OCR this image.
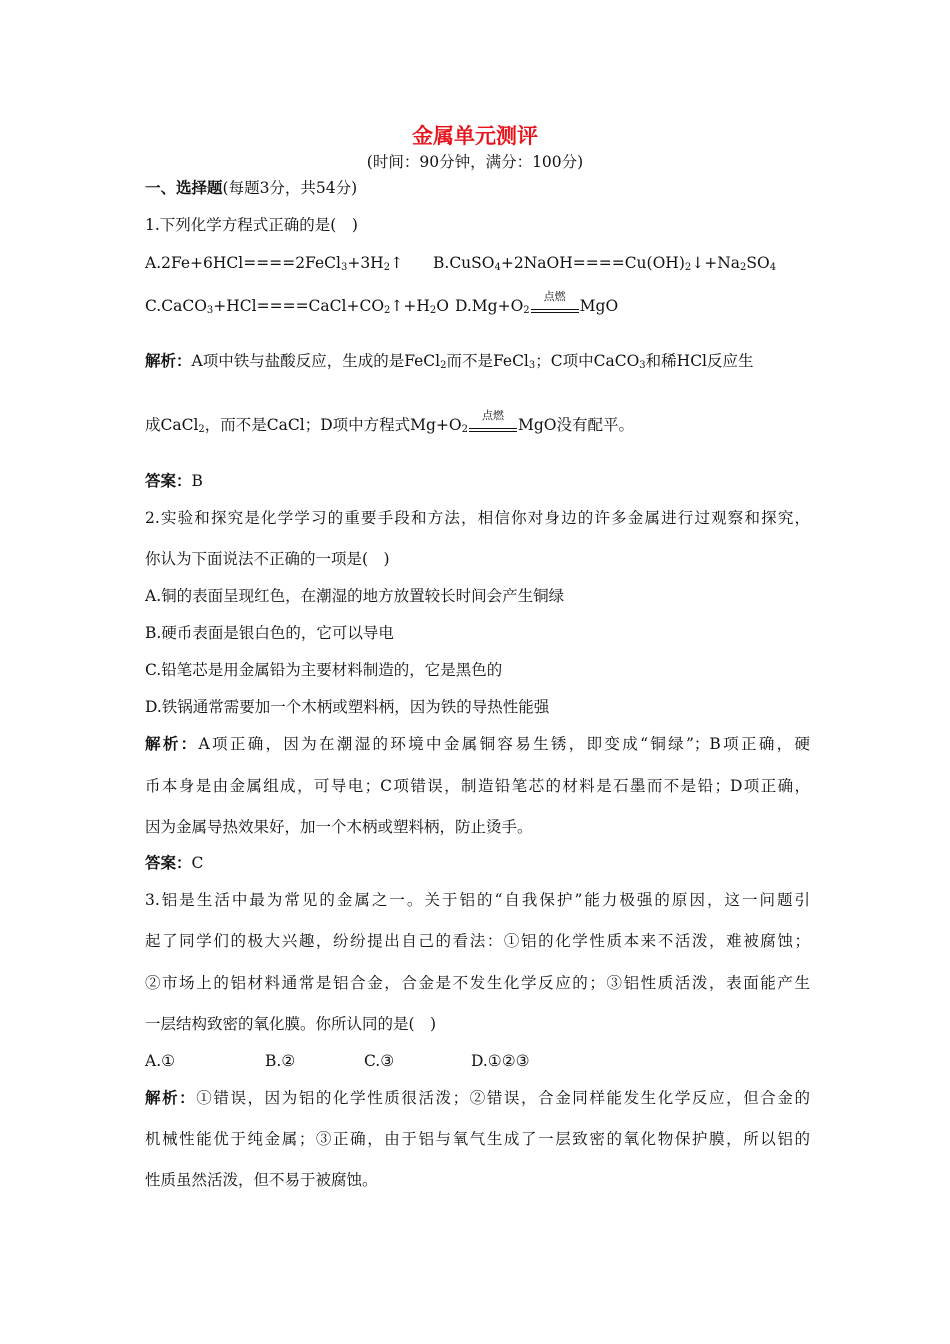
金属单元测评
(时间：90分钟，满分：100分)
一、选择题(每题3分，共54分)
1.下列化学方程式正确的是(　)
$A.2Fe+6HCl====2FeCl_3+3H_2↑$ $B.CuSO_4+2NaOH====Cu(OH)_2↓+Na_2SO_4$
$C.CaCO_3+HCl====CaCl+CO_2↑+H_2O$ $D.Mg+O_2$
点燃
MgO
解析：A项中铁与盐酸反应，生成的是FeCl$_2$而不是FeCl$_3$；C项中CaCO$_3$和稀HCl反应生
成CaCl$_2$，而不是CaCl；D项中方程式$Mg+O_2$
点燃
MgO没有配平。
答案：B
2.实验和探究是化学学习的重要手段和方法，相信你对身边的许多金属进行过观察和探究，
你认为下面说法不正确的一项是(　)
A.铜的表面呈现红色，在潮湿的地方放置较长时间会产生铜绿
B.硬币表面是银白色的，它可以导电
C.铅笔芯是用金属铅为主要材料制造的，它是黑色的
D.铁锅通常需要加一个木柄或塑料柄，因为铁的导热性能强
解析：A项正确，因为在潮湿的环境中金属铜容易生锈，即变成“铜绿”；B项正确，硬
币本身是由金属组成，可导电；C项错误，制造铅笔芯的材料是石墨而不是铅；D项正确，
因为金属导热效果好，加一个木柄或塑料柄，防止烫手。
答案：C
3.铝是生活中最为常见的金属之一。关于铝的“自我保护”能力极强的原因，这一问题引
起了同学们的极大兴趣，纷纷提出自己的看法：①铝的化学性质本来不活泼，难被腐蚀；
②市场上的铝材料通常是铝合金，合金是不发生化学反应的；③铝性质活泼，表面能产生
一层结构致密的氧化膜。你所认同的是(　)
A.①	B.②	C.③	D.①②③
解析：①错误，因为铝的化学性质很活泼；②错误，合金同样能发生化学反应，但合金的
机械性能优于纯金属；③正确，由于铝与氧气生成了一层致密的氧化物保护膜，所以铝的
性质虽然活泼，但不易于被腐蚀。
